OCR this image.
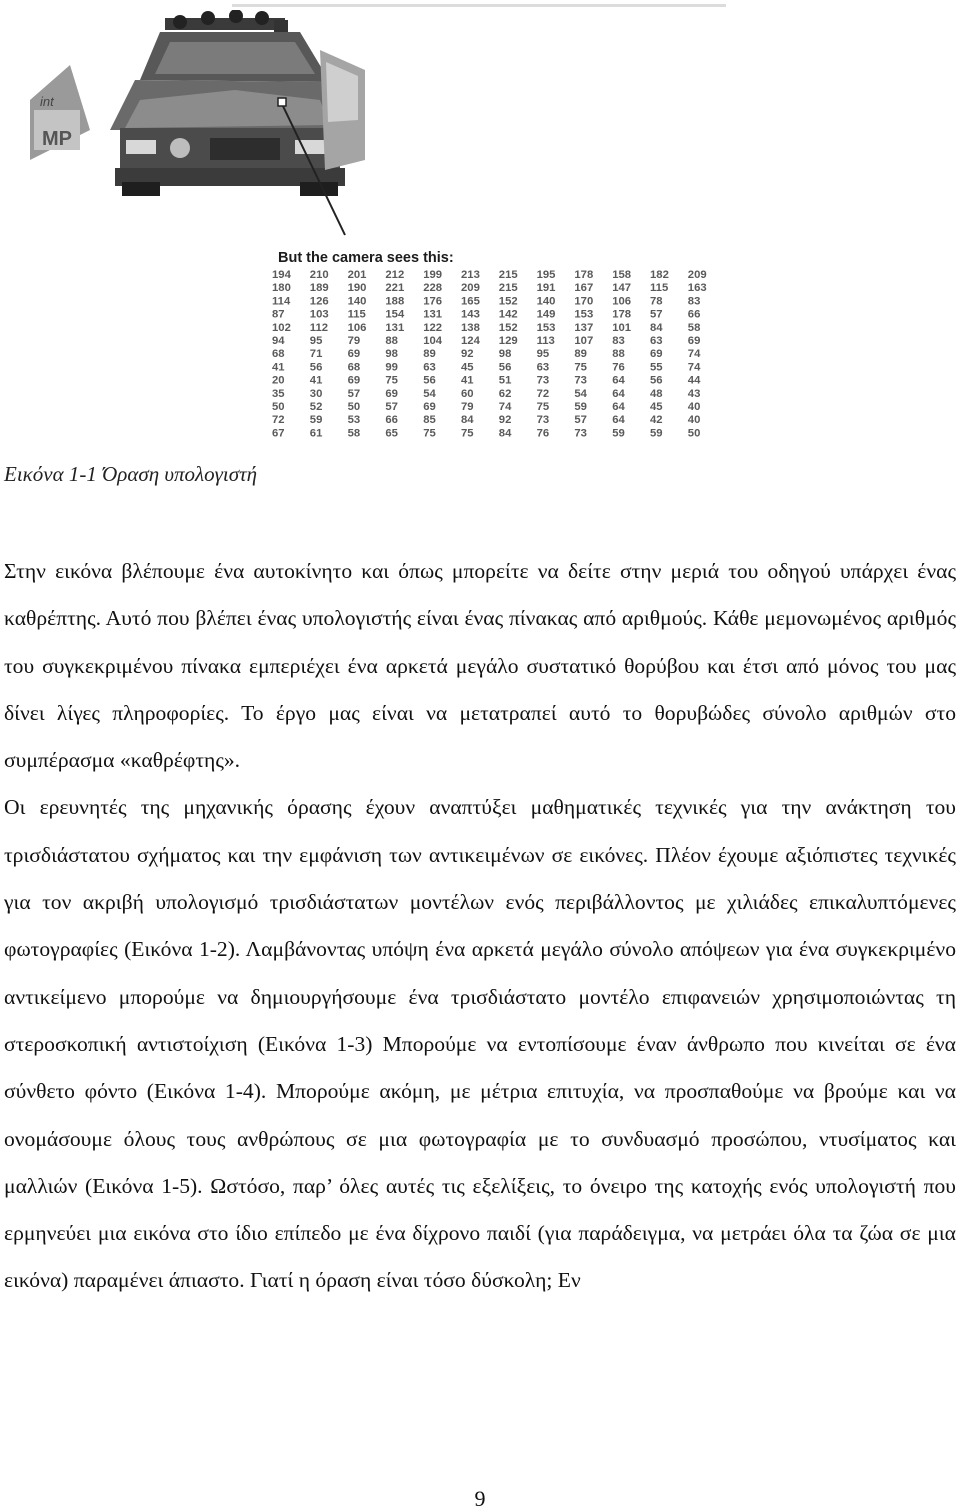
MP
int
But the camera sees this:
194
180
114
87
102
94
68
41
20
35
50
72
67
210
189
126
103
112
95
71
56
41
30
52
59
61
201
190
140
115
106
79
69
68
69
57
50
53
58
212
221
188
154
131
88
98
99
75
69
57
66
65
199
228
176
131
122
104
89
63
56
54
69
85
75
213
209
165
143
138
124
92
45
41
60
79
84
75
215
215
152
142
152
129
98
56
51
62
74
92
84
195
191
140
149
153
113
95
63
73
72
75
73
76
178
167
170
153
137
107
89
75
73
54
59
57
73
158
147
106
178
101
83
88
76
64
64
64
64
59
182
115
78
57
84
63
69
55
56
48
45
42
59
209
163
83
66
58
69
74
74
44
43
40
40
50
Εικόνα 1-1 Όραση υπολογιστή

Στην εικόνα βλέπουμε ένα αυτοκίνητο και όπως μπορείτε να δείτε στην μεριά του οδηγού υπάρχει ένας καθρέπτης. Αυτό που βλέπει ένας υπολογιστής είναι ένας πίνακας από αριθμούς. Κάθε μεμονωμένος αριθμός του συγκεκριμένου πίνακα εμπεριέχει ένα αρκετά μεγάλο συστατικό θορύβου και έτσι από μόνος του μας δίνει λίγες πληροφορίες. Το έργο μας είναι να μετατραπεί αυτό το θορυβώδες σύνολο αριθμών στο συμπέρασμα «καθρέφτης».

Οι ερευνητές της μηχανικής όρασης έχουν αναπτύξει μαθηματικές τεχνικές για την ανάκτηση του τρισδιάστατου σχήματος και την εμφάνιση των αντικειμένων σε εικόνες. Πλέον έχουμε αξιόπιστες τεχνικές για τον ακριβή υπολογισμό τρισδιάστατων μοντέλων ενός περιβάλλοντος με χιλιάδες επικαλυπτόμενες φωτογραφίες (Εικόνα 1-2). Λαμβάνοντας υπόψη ένα αρκετά μεγάλο σύνολο απόψεων για ένα συγκεκριμένο αντικείμενο μπορούμε να δημιουργήσουμε ένα τρισδιάστατο μοντέλο επιφανειών χρησιμοποιώντας τη στεροσκοπική αντιστοίχιση (Εικόνα 1-3) Μπορούμε να εντοπίσουμε έναν άνθρωπο που κινείται σε ένα σύνθετο φόντο (Εικόνα 1-4). Μπορούμε ακόμη, με μέτρια επιτυχία, να προσπαθούμε να βρούμε και να ονομάσουμε όλους τους ανθρώπους σε μια φωτογραφία με το συνδυασμό προσώπου, ντυσίματος και μαλλιών (Εικόνα 1-5). Ωστόσο, παρ’ όλες αυτές τις εξελίξεις, το όνειρο της κατοχής ενός υπολογιστή που ερμηνεύει μια εικόνα στο ίδιο επίπεδο με ένα δίχρονο παιδί (για παράδειγμα, να μετράει όλα τα ζώα σε μια εικόνα) παραμένει άπιαστο. Γιατί η όραση είναι τόσο δύσκολη; Εν

9
